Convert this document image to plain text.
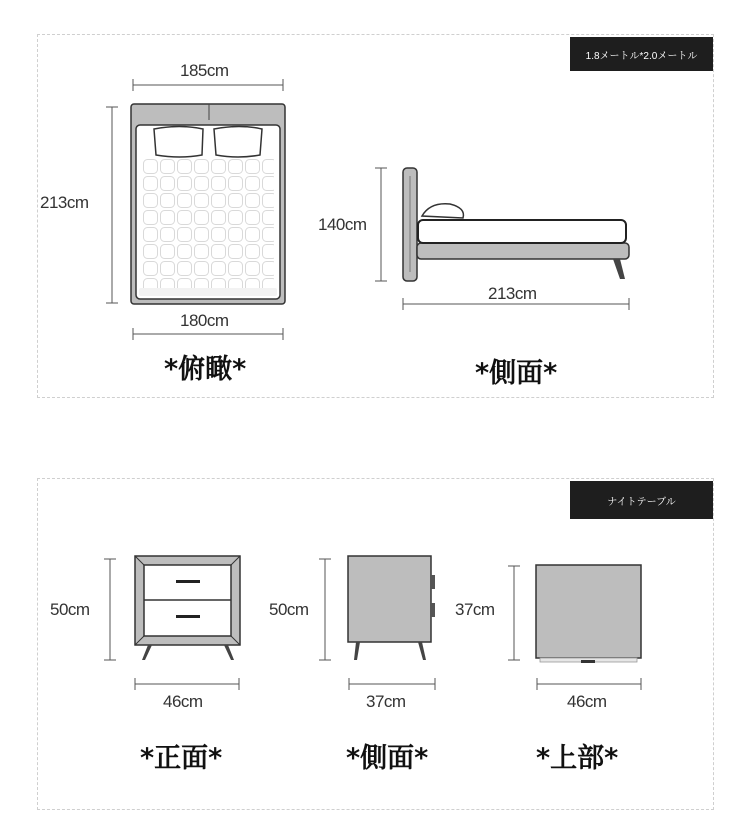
1.8メートル*2.0メートル
ナイトテーブル
185cm
213cm
180cm
*俯瞰*
140cm
213cm
*側面*
50cm
46cm
*正面*
50cm
37cm
*側面*
37cm
46cm
*上部*
